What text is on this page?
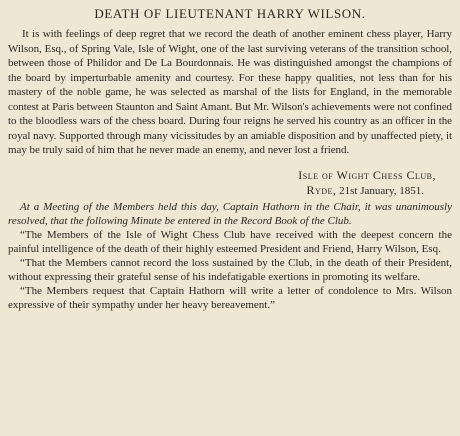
DEATH OF LIEUTENANT HARRY WILSON.

It is with feelings of deep regret that we record the death of another eminent chess player, Harry Wilson, Esq., of Spring Vale, Isle of Wight, one of the last surviving veterans of the transition school, between those of Philidor and De La Bourdonnais. He was distinguished amongst the champions of the board by imperturbable amenity and courtesy. For these happy qualities, not less than for his mastery of the noble game, he was selected as marshal of the lists for England, in the memorable contest at Paris between Staunton and Saint Amant. But Mr. Wilson's achievements were not confined to the bloodless wars of the chess board. During four reigns he served his country as an officer in the royal navy. Supported through many vicissitudes by an amiable disposition and by unaffected piety, it may be truly said of him that he never made an enemy, and never lost a friend.

Isle of Wight Chess Club,
Ryde, 21st January, 1851.

At a Meeting of the Members held this day, Captain Hathorn in the Chair, it was unanimously resolved, that the following Minute be entered in the Record Book of the Club.

“The Members of the Isle of Wight Chess Club have received with the deepest concern the painful intelligence of the death of their highly esteemed President and Friend, Harry Wilson, Esq.

“That the Members cannot record the loss sustained by the Club, in the death of their President, without expressing their grateful sense of his indefatigable exertions in promoting its welfare.

“The Members request that Captain Hathorn will write a letter of condolence to Mrs. Wilson expressive of their sympathy under her heavy bereavement.”
